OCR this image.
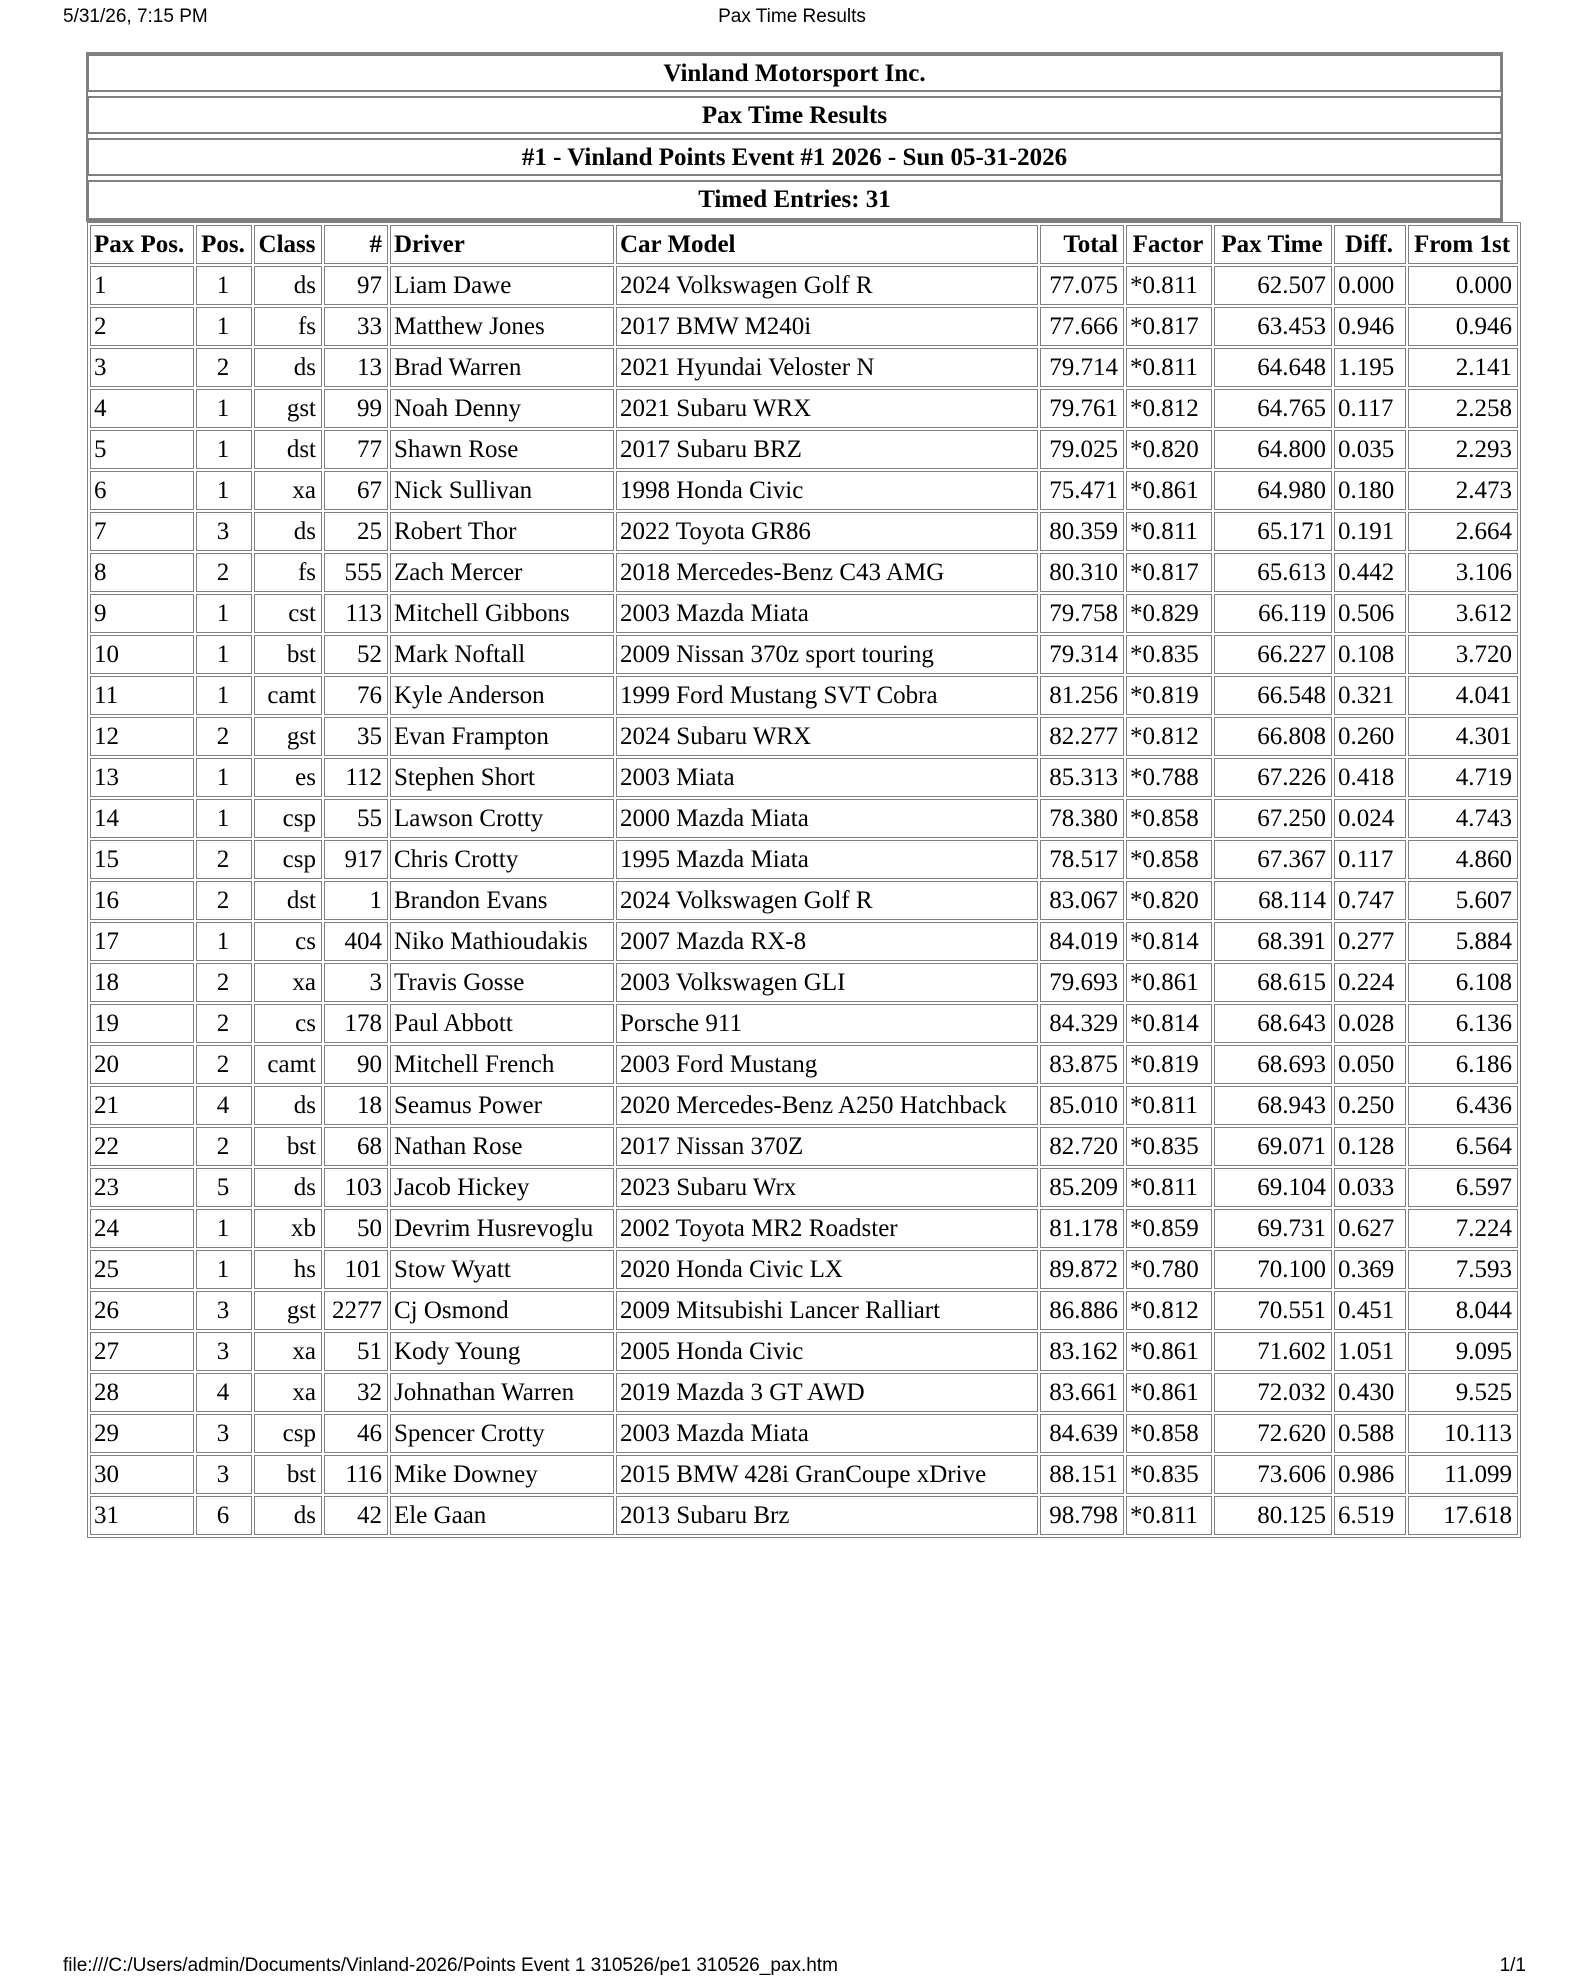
5/31/26, 7:15 PM	Pax Time Results
Vinland Motorsport Inc.
Pax Time Results
#1 - Vinland Points Event #1 2026 - Sun 05-31-2026
Timed Entries: 31
Pax Pos.	Pos.	Class	#	Driver	Car Model	Total	Factor	Pax Time	Diff.	From 1st
1	1	ds	97	Liam Dawe	2024 Volkswagen Golf R	77.075	*0.811	62.507	0.000	0.000
2	1	fs	33	Matthew Jones	2017 BMW M240i	77.666	*0.817	63.453	0.946	0.946
3	2	ds	13	Brad Warren	2021 Hyundai Veloster N	79.714	*0.811	64.648	1.195	2.141
4	1	gst	99	Noah Denny	2021 Subaru WRX	79.761	*0.812	64.765	0.117	2.258
5	1	dst	77	Shawn Rose	2017 Subaru BRZ	79.025	*0.820	64.800	0.035	2.293
6	1	xa	67	Nick Sullivan	1998 Honda Civic	75.471	*0.861	64.980	0.180	2.473
7	3	ds	25	Robert Thor	2022 Toyota GR86	80.359	*0.811	65.171	0.191	2.664
8	2	fs	555	Zach Mercer	2018 Mercedes-Benz C43 AMG	80.310	*0.817	65.613	0.442	3.106
9	1	cst	113	Mitchell Gibbons	2003 Mazda Miata	79.758	*0.829	66.119	0.506	3.612
10	1	bst	52	Mark Noftall	2009 Nissan 370z sport touring	79.314	*0.835	66.227	0.108	3.720
11	1	camt	76	Kyle Anderson	1999 Ford Mustang SVT Cobra	81.256	*0.819	66.548	0.321	4.041
12	2	gst	35	Evan Frampton	2024 Subaru WRX	82.277	*0.812	66.808	0.260	4.301
13	1	es	112	Stephen Short	2003 Miata	85.313	*0.788	67.226	0.418	4.719
14	1	csp	55	Lawson Crotty	2000 Mazda Miata	78.380	*0.858	67.250	0.024	4.743
15	2	csp	917	Chris Crotty	1995 Mazda Miata	78.517	*0.858	67.367	0.117	4.860
16	2	dst	1	Brandon Evans	2024 Volkswagen Golf R	83.067	*0.820	68.114	0.747	5.607
17	1	cs	404	Niko Mathioudakis	2007 Mazda RX-8	84.019	*0.814	68.391	0.277	5.884
18	2	xa	3	Travis Gosse	2003 Volkswagen GLI	79.693	*0.861	68.615	0.224	6.108
19	2	cs	178	Paul Abbott	Porsche 911	84.329	*0.814	68.643	0.028	6.136
20	2	camt	90	Mitchell French	2003 Ford Mustang	83.875	*0.819	68.693	0.050	6.186
21	4	ds	18	Seamus Power	2020 Mercedes-Benz A250 Hatchback	85.010	*0.811	68.943	0.250	6.436
22	2	bst	68	Nathan Rose	2017 Nissan 370Z	82.720	*0.835	69.071	0.128	6.564
23	5	ds	103	Jacob Hickey	2023 Subaru Wrx	85.209	*0.811	69.104	0.033	6.597
24	1	xb	50	Devrim Husrevoglu	2002 Toyota MR2 Roadster	81.178	*0.859	69.731	0.627	7.224
25	1	hs	101	Stow Wyatt	2020 Honda Civic LX	89.872	*0.780	70.100	0.369	7.593
26	3	gst	2277	Cj Osmond	2009 Mitsubishi Lancer Ralliart	86.886	*0.812	70.551	0.451	8.044
27	3	xa	51	Kody Young	2005 Honda Civic	83.162	*0.861	71.602	1.051	9.095
28	4	xa	32	Johnathan Warren	2019 Mazda 3 GT AWD	83.661	*0.861	72.032	0.430	9.525
29	3	csp	46	Spencer Crotty	2003 Mazda Miata	84.639	*0.858	72.620	0.588	10.113
30	3	bst	116	Mike Downey	2015 BMW 428i GranCoupe xDrive	88.151	*0.835	73.606	0.986	11.099
31	6	ds	42	Ele Gaan	2013 Subaru Brz	98.798	*0.811	80.125	6.519	17.618
file:///C:/Users/admin/Documents/Vinland-2026/Points Event 1 310526/pe1 310526_pax.htm	1/1
